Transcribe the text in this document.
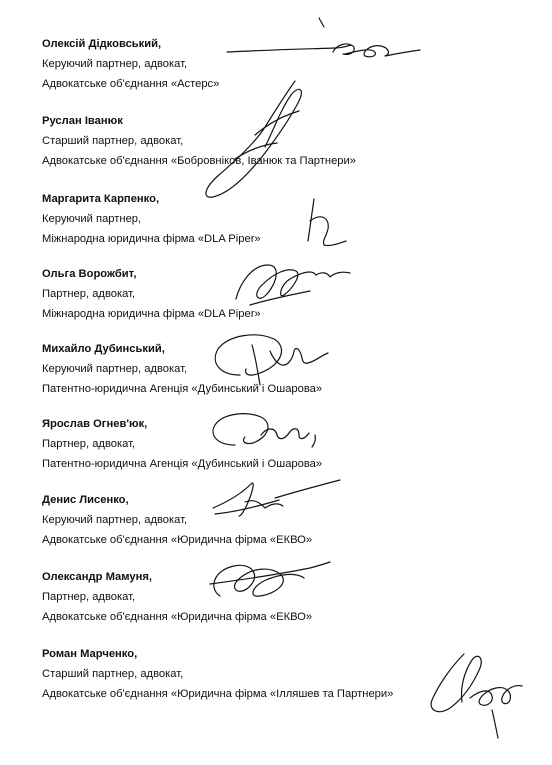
Олексій Дідковський,
Керуючий партнер, адвокат,
Адвокатське об'єднання «Астерс»
Руслан Іванюк
Старший партнер, адвокат,
Адвокатське об'єднання «Бобровніков, Іванюк та Партнери»
Маргарита Карпенко,
Керуючий партнер,
Міжнародна юридична фірма «DLA Piper»
Ольга Ворожбит,
Партнер, адвокат,
Міжнародна юридична фірма «DLA Piper»
Михайло Дубинський,
Керуючий партнер, адвокат,
Патентно-юридична Агенція «Дубинський і Ошарова»
Ярослав Огнев'юк,
Партнер, адвокат,
Патентно-юридична Агенція «Дубинський і Ошарова»
Денис Лисенко,
Керуючий партнер, адвокат,
Адвокатське об'єднання «Юридична фірма «ЕКВО»
Олександр Мамуня,
Партнер, адвокат,
Адвокатське об'єднання «Юридична фірма «ЕКВО»
Роман Марченко,
Старший партнер, адвокат,
Адвокатське об'єднання «Юридична фірма «Ілляшев та Партнери»
